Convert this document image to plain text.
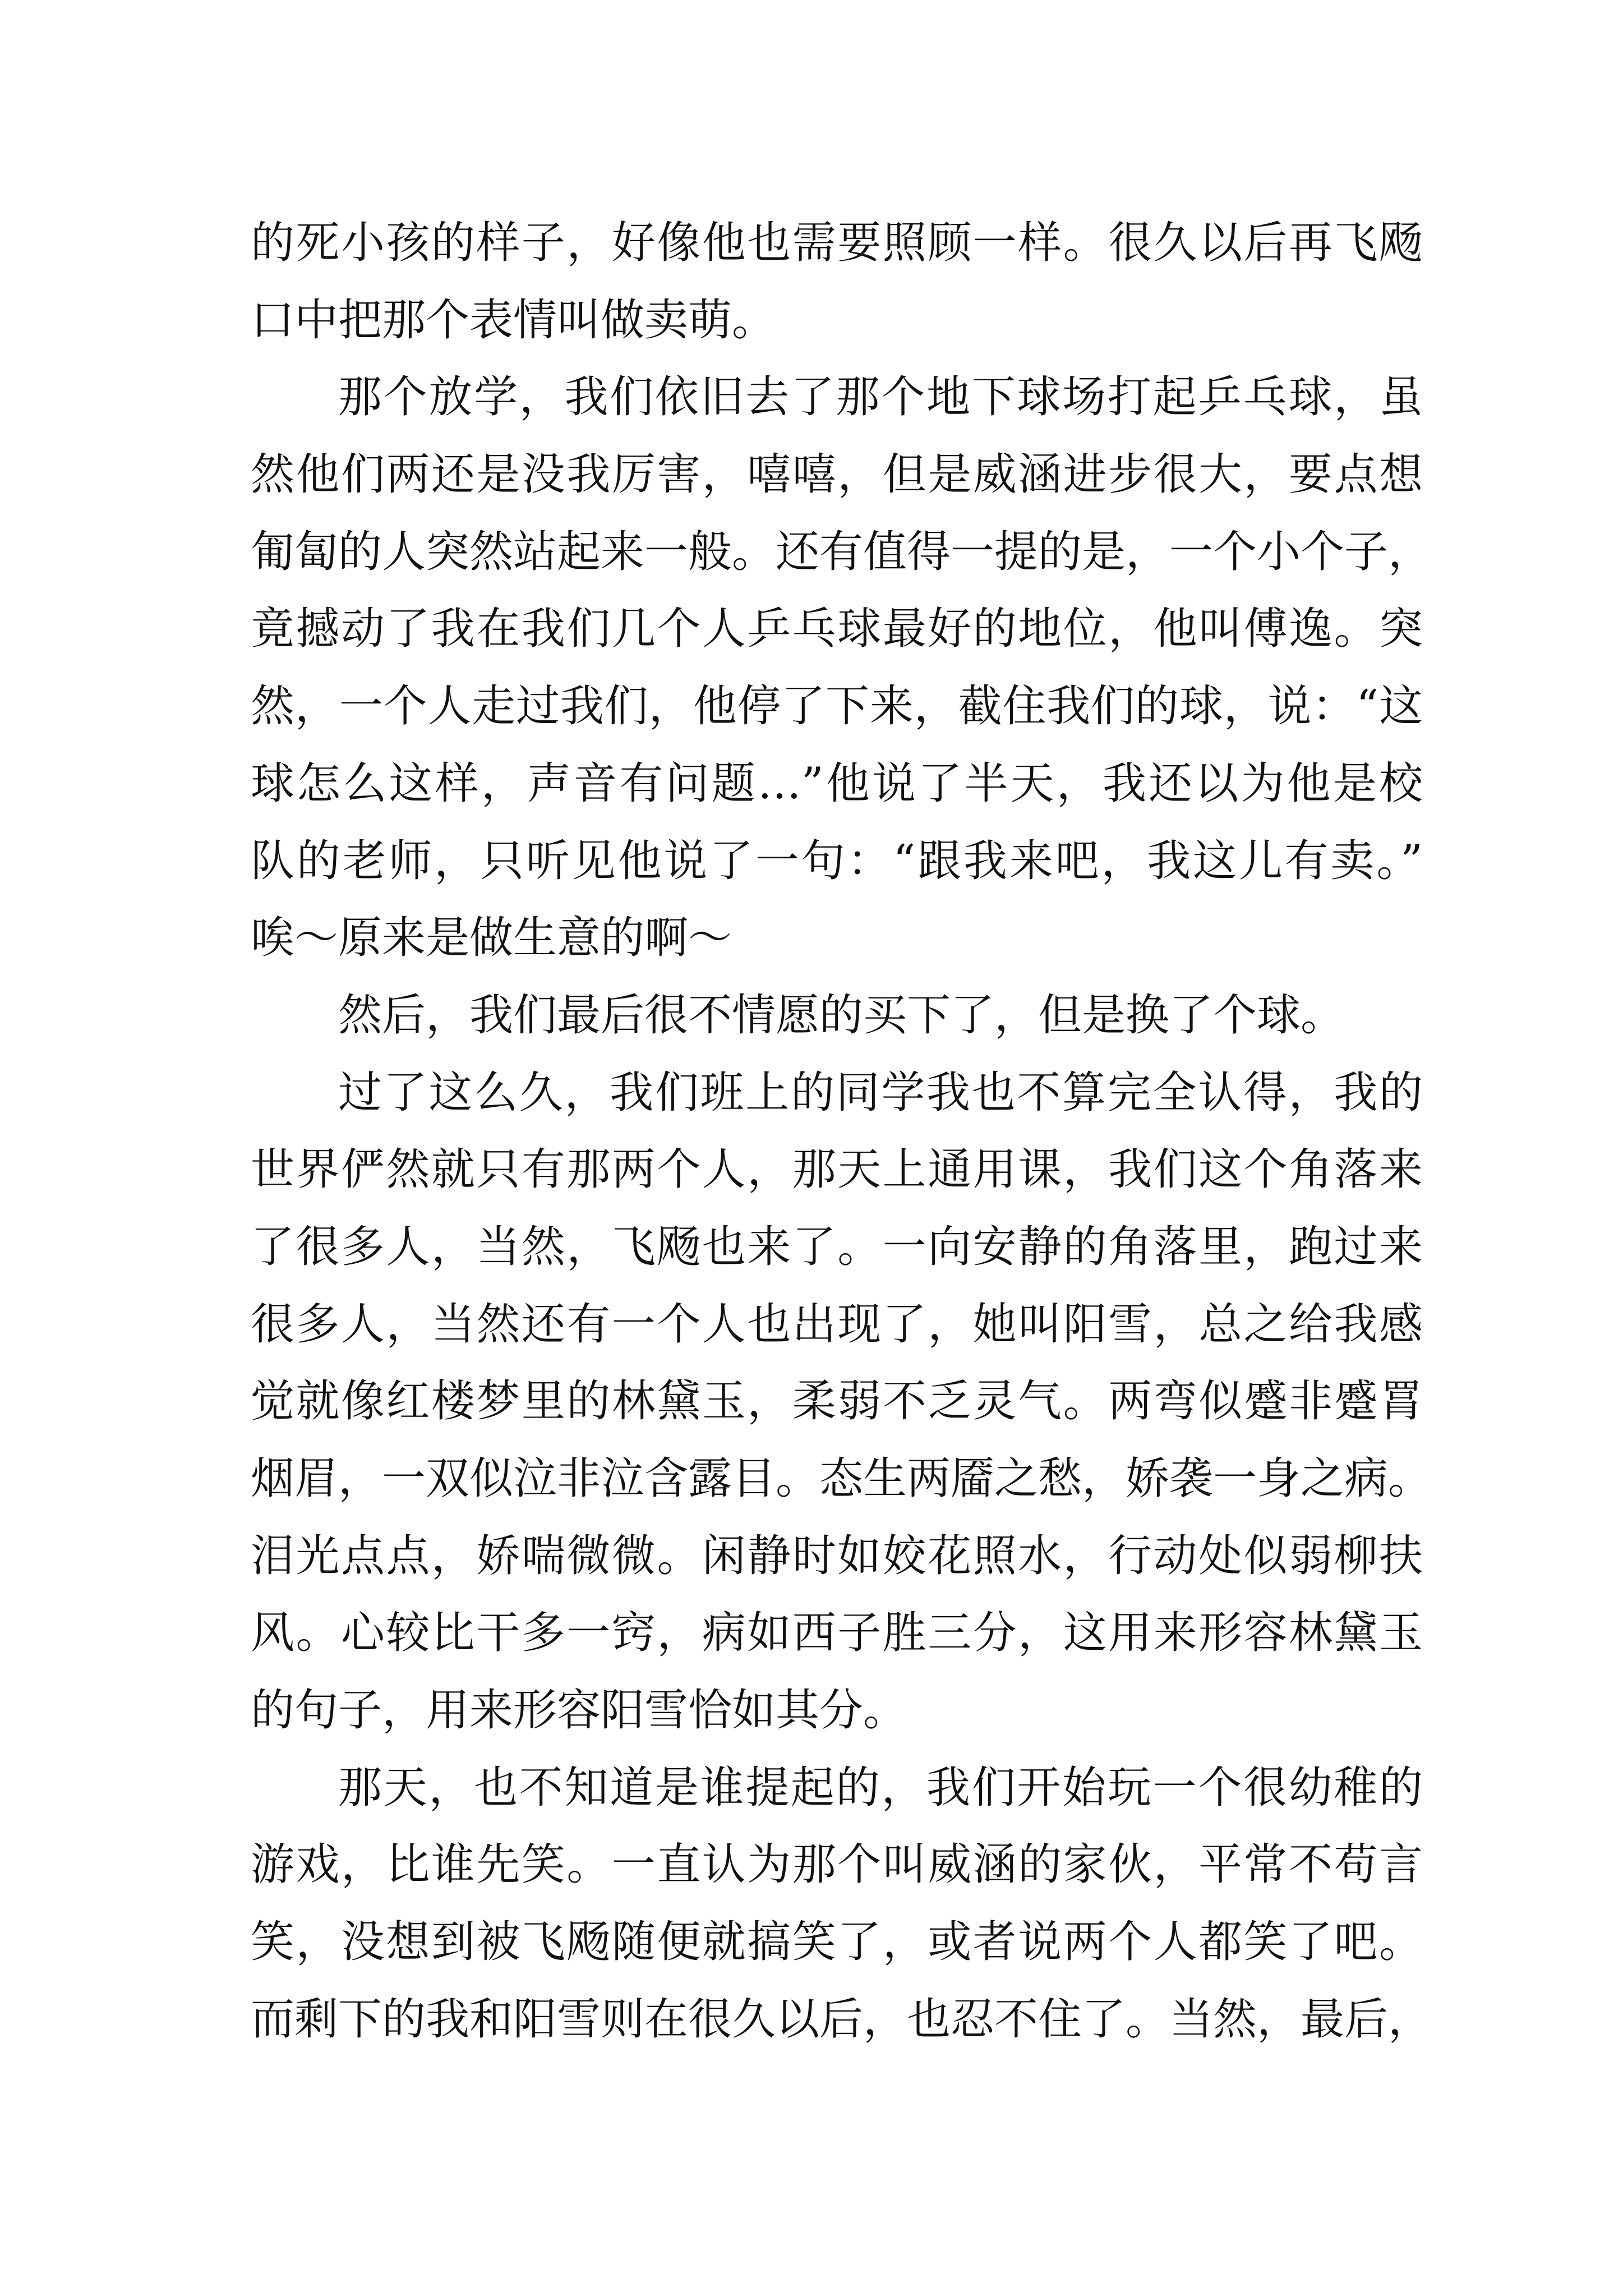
的死小孩的样子，好像他也需要照顾一样。很久以后再飞飏
口中把那个表情叫做卖萌。
那个放学，我们依旧去了那个地下球场打起乒乓球，虽
然他们两还是没我厉害，嘻嘻，但是威涵进步很大，要点想
匍匐的人突然站起来一般。还有值得一提的是，一个小个子，
竟撼动了我在我们几个人乒乓球最好的地位，他叫傅逸。突
然，一个人走过我们，他停了下来，截住我们的球，说：“这
球怎么这样，声音有问题…”他说了半天，我还以为他是校
队的老师，只听见他说了一句：“跟我来吧，我这儿有卖。”
唉～原来是做生意的啊～
然后，我们最后很不情愿的买下了，但是换了个球。
过了这么久，我们班上的同学我也不算完全认得，我的
世界俨然就只有那两个人，那天上通用课，我们这个角落来
了很多人，当然，飞飏也来了。一向安静的角落里，跑过来
很多人，当然还有一个人也出现了，她叫阳雪，总之给我感
觉就像红楼梦里的林黛玉，柔弱不乏灵气。两弯似蹙非蹙罥
烟眉，一双似泣非泣含露目。态生两靥之愁，娇袭一身之病。
泪光点点，娇喘微微。闲静时如姣花照水，行动处似弱柳扶
风。心较比干多一窍，病如西子胜三分，这用来形容林黛玉
的句子，用来形容阳雪恰如其分。
那天，也不知道是谁提起的，我们开始玩一个很幼稚的
游戏，比谁先笑。一直认为那个叫威涵的家伙，平常不苟言
笑，没想到被飞飏随便就搞笑了，或者说两个人都笑了吧。
而剩下的我和阳雪则在很久以后，也忍不住了。当然，最后，
